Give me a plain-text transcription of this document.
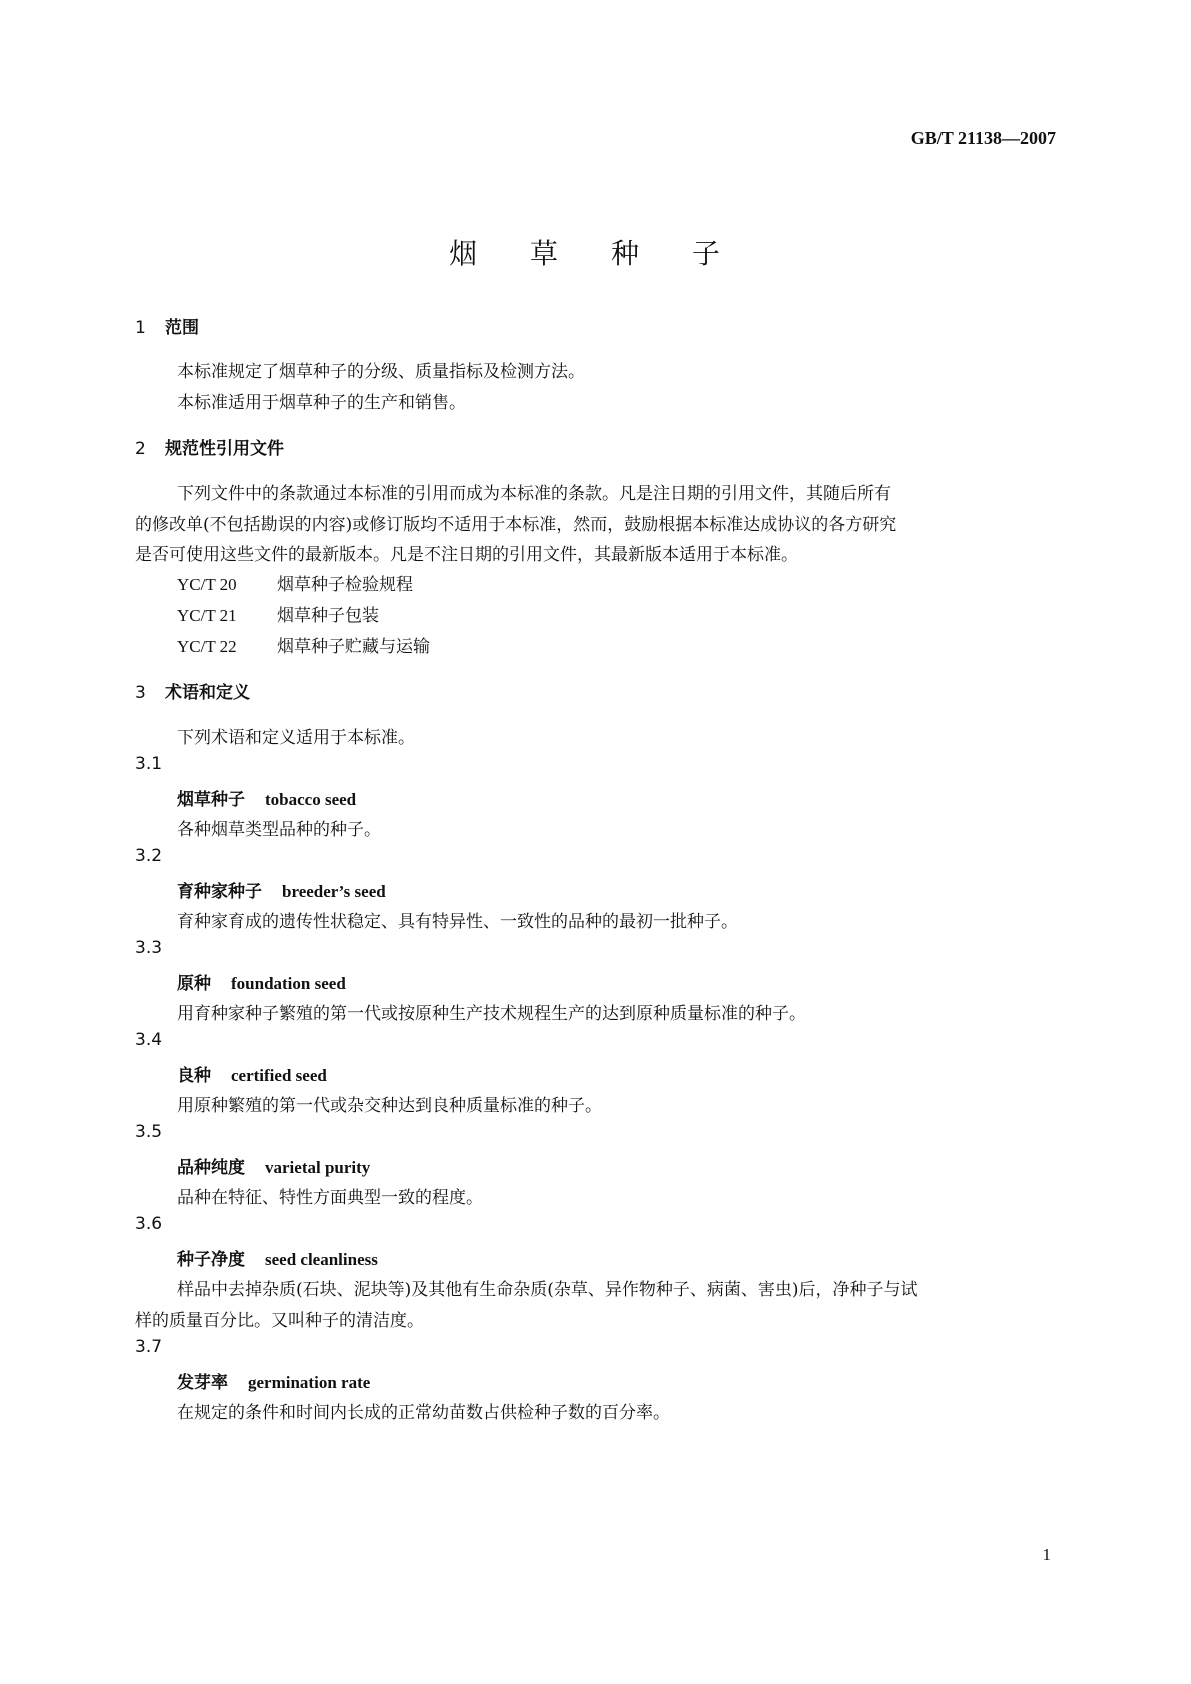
GB/T 21138—2007
烟 草 种 子
1 范围
本标准规定了烟草种子的分级、质量指标及检测方法。
本标准适用于烟草种子的生产和销售。
2 规范性引用文件
下列文件中的条款通过本标准的引用而成为本标准的条款。凡是注日期的引用文件，其随后所有
的修改单(不包括勘误的内容)或修订版均不适用于本标准，然而，鼓励根据本标准达成协议的各方研究
是否可使用这些文件的最新版本。凡是不注日期的引用文件，其最新版本适用于本标准。
YC/T 20 烟草种子检验规程
YC/T 21 烟草种子包装
YC/T 22 烟草种子贮藏与运输
3 术语和定义
下列术语和定义适用于本标准。
3.1
烟草种子 tobacco seed
各种烟草类型品种的种子。
3.2
育种家种子 breeder’s seed
育种家育成的遗传性状稳定、具有特异性、一致性的品种的最初一批种子。
3.3
原种 foundation seed
用育种家种子繁殖的第一代或按原种生产技术规程生产的达到原种质量标准的种子。
3.4
良种 certified seed
用原种繁殖的第一代或杂交种达到良种质量标准的种子。
3.5
品种纯度 varietal purity
品种在特征、特性方面典型一致的程度。
3.6
种子净度 seed cleanliness
样品中去掉杂质(石块、泥块等)及其他有生命杂质(杂草、异作物种子、病菌、害虫)后，净种子与试
样的质量百分比。又叫种子的清洁度。
3.7
发芽率 germination rate
在规定的条件和时间内长成的正常幼苗数占供检种子数的百分率。
1
